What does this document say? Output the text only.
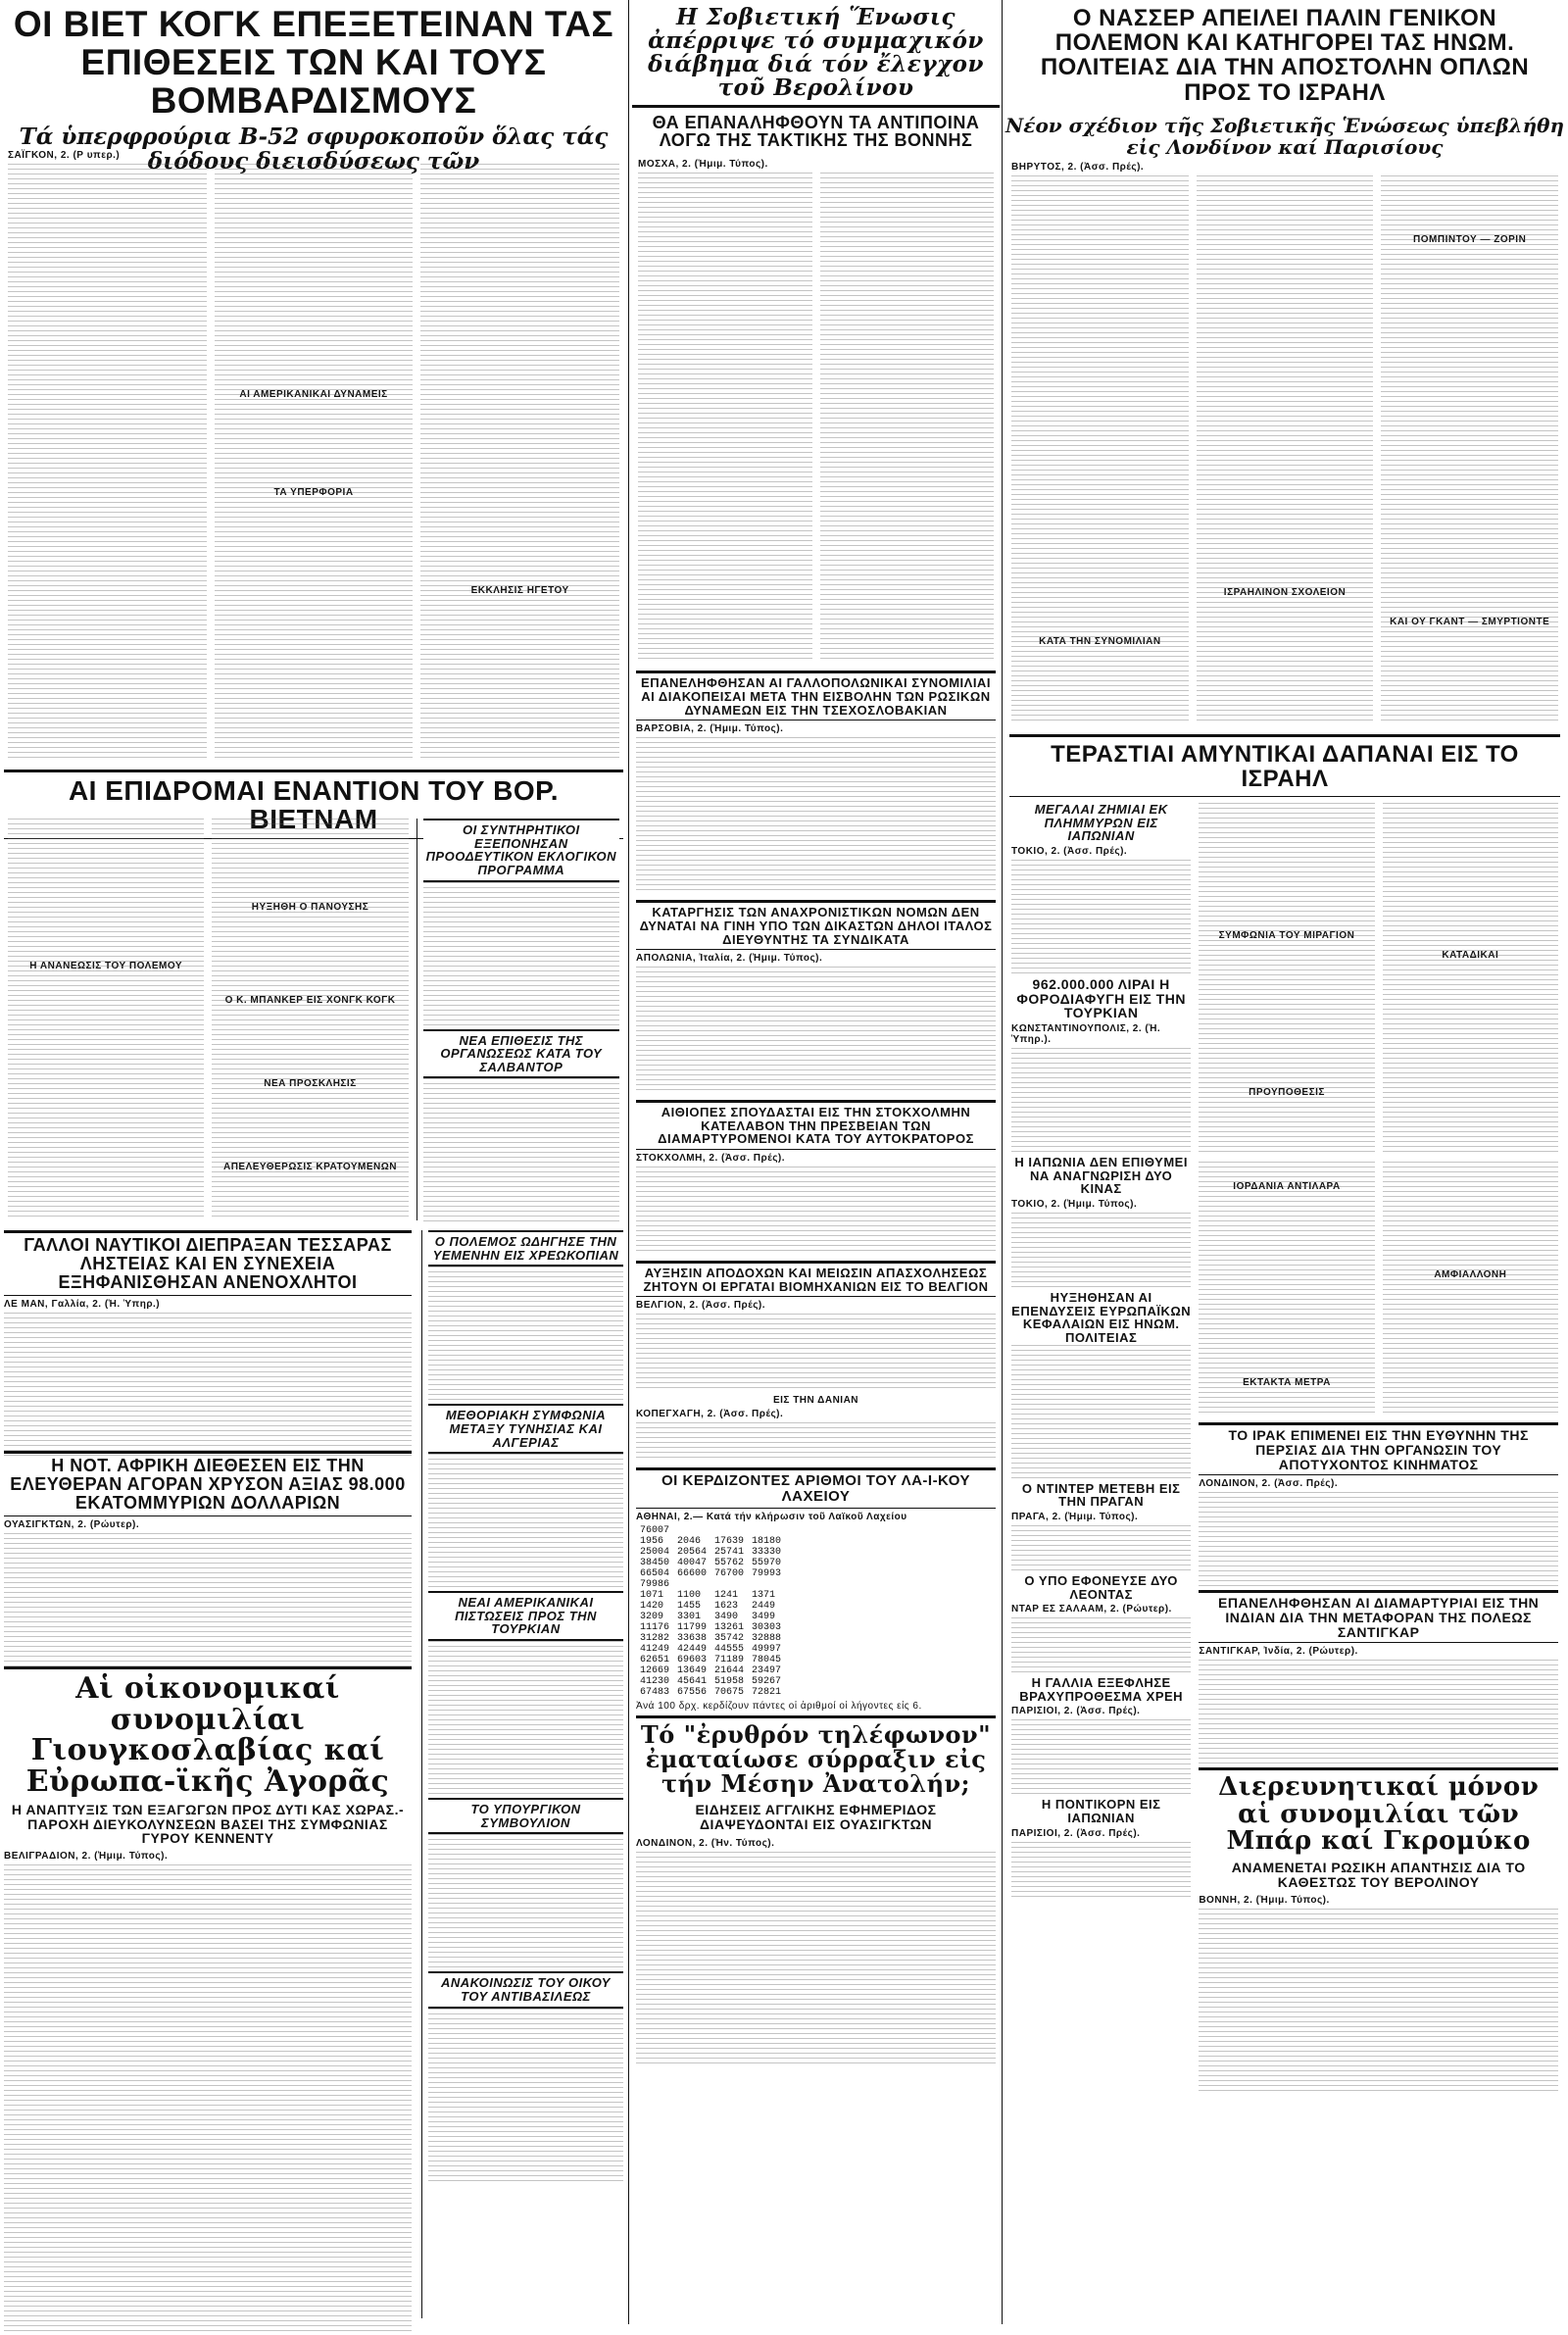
ΟΙ ΒΙΕΤ ΚΟΓΚ ΕΠΕΞΕΤΕΙΝΑΝ ΤΑΣ ΕΠΙΘΕΣΕΙΣ ΤΩΝ ΚΑΙ ΤΟΥΣ ΒΟΜΒΑΡΔΙΣΜΟΥΣ

Τά ὑπερφρούρια Β-52 σφυροκοποῦν ὅλας τάς διόδους διεισδύσεως τῶν

ΣΑΪΓΚΟΝ, 2. (Ρ υπερ.)

ΑΙ ΑΜΕΡΙΚΑΝΙΚΑΙ ΔΥΝΑΜΕΙΣ

ΤΑ ΥΠΕΡΦΟΡΙΑ

ΕΚΚΛΗΣΙΣ ΗΓΕΤΟΥ

ΑΙ ΕΠΙΔΡΟΜΑΙ ΕΝΑΝΤΙΟΝ ΤΟΥ ΒΟΡ. ΒΙΕΤΝΑΜ

Η ΑΝΑΝΕΩΣΙΣ ΤΟΥ ΠΟΛΕΜΟΥ

ΗΥΞΗΘΗ Ο ΠΑΝΟΥΣΗΣ

Ο Κ. ΜΠΑΝΚΕΡ ΕΙΣ ΧΟΝΓΚ ΚΟΓΚ

ΝΕΑ ΠΡΟΣΚΛΗΣΙΣ

ΑΠΕΛΕΥΘΕΡΩΣΙΣ ΚΡΑΤΟΥΜΕΝΩΝ

ΟΙ ΣΥΝΤΗΡΗΤΙΚΟΙ ΕΞΕΠΟΝΗΣΑΝ ΠΡΟΟΔΕΥΤΙΚΟΝ ΕΚΛΟΓΙΚΟΝ ΠΡΟΓΡΑΜΜΑ

ΝΕΑ ΕΠΙΘΕΣΙΣ ΤΗΣ ΟΡΓΑΝΩΣΕΩΣ ΚΑΤΑ ΤΟΥ ΣΑΛΒΑΝΤΟΡ

ΓΑΛΛΟΙ ΝΑΥΤΙΚΟΙ ΔΙΕΠΡΑΞΑΝ ΤΕΣΣΑΡΑΣ ΛΗΣΤΕΙΑΣ ΚΑΙ ΕΝ ΣΥΝΕΧΕΙΑ ΕΞΗΦΑΝΙΣΘΗΣΑΝ ΑΝΕΝΟΧΛΗΤΟΙ

ΛΕ ΜΑΝ, Γαλλία, 2. (Ἡ. Ὑπηρ.)

Η ΝΟΤ. ΑΦΡΙΚΗ ΔΙΕΘΕΣΕΝ ΕΙΣ ΤΗΝ ΕΛΕΥΘΕΡΑΝ ΑΓΟΡΑΝ ΧΡΥΣΟΝ ΑΞΙΑΣ 98.000 ΕΚΑΤΟΜΜΥΡΙΩΝ ΔΟΛΛΑΡΙΩΝ

ΟΥΑΣΙΓΚΤΩΝ, 2. (Ρώυτερ).

Αἱ οἰκονομικαί συνομιλίαι Γιουγκοσλαβίας καί Εὐρωπα-ϊκῆς Ἀγορᾶς

Η ΑΝΑΠΤΥΞΙΣ ΤΩΝ ΕΞΑΓΩΓΩΝ ΠΡΟΣ ΔΥΤΙ ΚΑΣ ΧΩΡΑΣ.- ΠΑΡΟΧΗ ΔΙΕΥΚΟΛΥΝΣΕΩΝ ΒΑΣΕΙ ΤΗΣ ΣΥΜΦΩΝΙΑΣ ΓΥΡΟΥ ΚΕΝΝΕΝΤΥ

ΒΕΛΙΓΡΑΔΙΟΝ, 2. (Ἡμιμ. Τύπος).

Ο ΠΟΛΕΜΟΣ ΩΔΗΓΗΣΕ ΤΗΝ ΥΕΜΕΝΗΝ ΕΙΣ ΧΡΕΩΚΟΠΙΑΝ

ΜΕΘΟΡΙΑΚΗ ΣΥΜΦΩΝΙΑ ΜΕΤΑΞΥ ΤΥΝΗΣΙΑΣ ΚΑΙ ΑΛΓΕΡΙΑΣ

ΝΕΑΙ ΑΜΕΡΙΚΑΝΙΚΑΙ ΠΙΣΤΩΣΕΙΣ ΠΡΟΣ ΤΗΝ ΤΟΥΡΚΙΑΝ

ΤΟ ΥΠΟΥΡΓΙΚΟΝ ΣΥΜΒΟΥΛΙΟΝ

ΑΝΑΚΟΙΝΩΣΙΣ ΤΟΥ ΟΙΚΟΥ ΤΟΥ ΑΝΤΙΒΑΣΙΛΕΩΣ

Η Σοβιετική Ἕνωσις ἀπέρριψε τό συμμαχικόν διάβημα διά τόν ἔλεγχον τοῦ Βερολίνου
ΘΑ ΕΠΑΝΑΛΗΦΘΟΥΝ ΤΑ ΑΝΤΙΠΟΙΝΑ ΛΟΓΩ ΤΗΣ ΤΑΚΤΙΚΗΣ ΤΗΣ ΒΟΝΝΗΣ

ΜΟΣΧΑ, 2. (Ἡμιμ. Τύπος).

ΕΠΑΝΕΛΗΦΘΗΣΑΝ ΑΙ ΓΑΛΛΟΠΟΛΩΝΙΚΑΙ ΣΥΝΟΜΙΛΙΑΙ ΑΙ ΔΙΑΚΟΠΕΙΣΑΙ ΜΕΤΑ ΤΗΝ ΕΙΣΒΟΛΗΝ ΤΩΝ ΡΩΣΙΚΩΝ ΔΥΝΑΜΕΩΝ ΕΙΣ ΤΗΝ ΤΣΕΧΟΣΛΟΒΑΚΙΑΝ

ΒΑΡΣΟΒΙΑ, 2. (Ἡμιμ. Τύπος).

ΚΑΤΑΡΓΗΣΙΣ ΤΩΝ ΑΝΑΧΡΟΝΙΣΤΙΚΩΝ ΝΟΜΩΝ ΔΕΝ ΔΥΝΑΤΑΙ ΝΑ ΓΙΝΗ ΥΠΟ ΤΩΝ ΔΙΚΑΣΤΩΝ ΔΗΛΟΙ ΙΤΑΛΟΣ ΔΙΕΥΘΥΝΤΗΣ ΤΑ ΣΥΝΔΙΚΑΤΑ

ΑΠΟΛΩΝΙΑ, Ἰταλία, 2. (Ἡμιμ. Τύπος).

ΑΙΘΙΟΠΕΣ ΣΠΟΥΔΑΣΤΑΙ ΕΙΣ ΤΗΝ ΣΤΟΚΧΟΛΜΗΝ ΚΑΤΕΛΑΒΟΝ ΤΗΝ ΠΡΕΣΒΕΙΑΝ ΤΩΝ ΔΙΑΜΑΡΤΥΡΟΜΕΝΟΙ ΚΑΤΑ ΤΟΥ ΑΥΤΟΚΡΑΤΟΡΟΣ

ΣΤΟΚΧΟΛΜΗ, 2. (Ἀσσ. Πρές).

ΑΥΞΗΣΙΝ ΑΠΟΔΟΧΩΝ ΚΑΙ ΜΕΙΩΣΙΝ ΑΠΑΣΧΟΛΗΣΕΩΣ ΖΗΤΟΥΝ ΟΙ ΕΡΓΑΤΑΙ ΒΙΟΜΗΧΑΝΙΩΝ ΕΙΣ ΤΟ ΒΕΛΓΙΟΝ

ΒΕΛΓΙΟΝ, 2. (Ἀσσ. Πρές).

ΕΙΣ ΤΗΝ ΔΑΝΙΑΝ

ΚΟΠΕΓΧΑΓΗ, 2. (Ἀσσ. Πρές).

ΟΙ ΚΕΡΔΙΖΟΝΤΕΣ ΑΡΙΘΜΟΙ ΤΟΥ ΛΑ-Ι-ΚΟΥ ΛΑΧΕΙΟΥ

ΑΘΗΝΑΙ, 2.— Κατά τήν κλήρωσιν τοῦ Λαϊκοῦ Λαχείου

76007			
1956	2046	17639	18180
25004	20564	25741	33330
38450	40047	55762	55970
66504	66600	76700	79993
79986			
1071	1100	1241	1371
1420	1455	1623	2449
3209	3301	3490	3499
11176	11799	13261	30303
31282	33638	35742	32888
41249	42449	44555	49997
62651	69603	71189	78045
12669	13649	21644	23497
41230	45641	51958	59267
67483	67556	70675	72821

Ἀνά 100 δρχ. κερδίζουν πάντες οἱ ἀριθμοί οἱ λήγοντες εἰς 6.

Τό "ἐρυθρόν τηλέφωνον" ἐματαίωσε σύρραξιν εἰς τήν Μέσην Ἀνατολήν;

ΕΙΔΗΣΕΙΣ ΑΓΓΛΙΚΗΣ ΕΦΗΜΕΡΙΔΟΣ ΔΙΑΨΕΥΔΟΝΤΑΙ ΕΙΣ ΟΥΑΣΙΓΚΤΩΝ

ΛΟΝΔΙΝΟΝ, 2. (Ἡν. Τύπος).

Ο ΝΑΣΣΕΡ ΑΠΕΙΛΕΙ ΠΑΛΙΝ ΓΕΝΙΚΟΝ ΠΟΛΕΜΟΝ ΚΑΙ ΚΑΤΗΓΟΡΕΙ ΤΑΣ ΗΝΩΜ. ΠΟΛΙΤΕΙΑΣ ΔΙΑ ΤΗΝ ΑΠΟΣΤΟΛΗΝ ΟΠΛΩΝ ΠΡΟΣ ΤΟ ΙΣΡΑΗΛ

Νέον σχέδιον τῆς Σοβιετικῆς Ἑνώσεως ὑπεβλήθη εἰς Λονδίνον καί Παρισίους

ΒΗΡΥΤΟΣ, 2. (Ἀσσ. Πρές).

ΚΑΤΑ ΤΗΝ ΣΥΝΟΜΙΛΙΑΝ

ΙΣΡΑΗΛΙΝΟΝ ΣΧΟΛΕΙΟΝ

ΠΟΜΠΙΝΤΟΥ — ΖΟΡΙΝ

ΚΑΙ ΟΥ ΓΚΑΝΤ — ΣΜΥΡΤΙΟΝΤΕ

ΤΕΡΑΣΤΙΑΙ ΑΜΥΝΤΙΚΑΙ ΔΑΠΑΝΑΙ ΕΙΣ ΤΟ ΙΣΡΑΗΛ
ΜΕΓΑΛΑΙ ΖΗΜΙΑΙ ΕΚ ΠΛΗΜΜΥΡΩΝ ΕΙΣ ΙΑΠΩΝΙΑΝ

ΤΟΚΙΟ, 2. (Ἀσσ. Πρές).

962.000.000 ΛΙΡΑΙ Η ΦΟΡΟΔΙΑΦΥΓΗ ΕΙΣ ΤΗΝ ΤΟΥΡΚΙΑΝ

ΚΩΝΣΤΑΝΤΙΝΟΥΠΟΛΙΣ, 2. (Ἡ. Ὑπηρ.).

Η ΙΑΠΩΝΙΑ ΔΕΝ ΕΠΙΘΥΜΕΙ ΝΑ ΑΝΑΓΝΩΡΙΣΗ ΔΥΟ ΚΙΝΑΣ

ΤΟΚΙΟ, 2. (Ἡμιμ. Τύπος).

ΗΥΞΗΘΗΣΑΝ ΑΙ ΕΠΕΝΔΥΣΕΙΣ ΕΥΡΩΠΑΪΚΩΝ ΚΕΦΑΛΑΙΩΝ ΕΙΣ ΗΝΩΜ. ΠΟΛΙΤΕΙΑΣ
Ο ΝΤΙΝΤΕΡ ΜΕΤΕΒΗ ΕΙΣ ΤΗΝ ΠΡΑΓΑΝ

ΠΡΑΓΑ, 2. (Ἡμιμ. Τύπος).

Ο ΥΠΟ ΕΦΟΝΕΥΣΕ ΔΥΟ ΛΕΟΝΤΑΣ

ΝΤΑΡ ΕΣ ΣΑΛΑΑΜ, 2. (Ρώυτερ).

Η ΓΑΛΛΙΑ ΕΞΕΦΛΗΣΕ ΒΡΑΧΥΠΡΟΘΕΣΜΑ ΧΡΕΗ

ΠΑΡΙΣΙΟΙ, 2. (Ἀσσ. Πρές).

Η ΠΟΝΤΙΚΟΡΝ ΕΙΣ ΙΑΠΩΝΙΑΝ

ΠΑΡΙΣΙΟΙ, 2. (Ἀσσ. Πρές).

ΣΥΜΦΩΝΙΑ ΤΟΥ ΜΙΡΑΓΙΟΝ

ΠΡΟΥΠΟΘΕΣΙΣ

ΚΑΤΑΔΙΚΑΙ

ΙΟΡΔΑΝΙΑ ΑΝΤΙΛΑΡΑ

ΕΚΤΑΚΤΑ ΜΕΤΡΑ

ΑΜΦΙΑΛΛΟΝΗ

ΤΟ ΙΡΑΚ ΕΠΙΜΕΝΕΙ ΕΙΣ ΤΗΝ ΕΥΘΥΝΗΝ ΤΗΣ ΠΕΡΣΙΑΣ ΔΙΑ ΤΗΝ ΟΡΓΑΝΩΣΙΝ ΤΟΥ ΑΠΟΤΥΧΟΝΤΟΣ ΚΙΝΗΜΑΤΟΣ

ΛΟΝΔΙΝΟΝ, 2. (Ἀσσ. Πρές).

ΕΠΑΝΕΛΗΦΘΗΣΑΝ ΑΙ ΔΙΑΜΑΡΤΥΡΙΑΙ ΕΙΣ ΤΗΝ ΙΝΔΙΑΝ ΔΙΑ ΤΗΝ ΜΕΤΑΦΟΡΑΝ ΤΗΣ ΠΟΛΕΩΣ ΣΑΝΤΙΓΚΑΡ

ΣΑΝΤΙΓΚΑΡ, Ἰνδία, 2. (Ρώυτερ).

Διερευνητικαί μόνον αἱ συνομιλίαι τῶν Μπάρ καί Γκρομύκο

ΑΝΑΜΕΝΕΤΑΙ ΡΩΣΙΚΗ ΑΠΑΝΤΗΣΙΣ ΔΙΑ ΤΟ ΚΑΘΕΣΤΩΣ ΤΟΥ ΒΕΡΟΛΙΝΟΥ

ΒΟΝΝΗ, 2. (Ἡμιμ. Τύπος).
